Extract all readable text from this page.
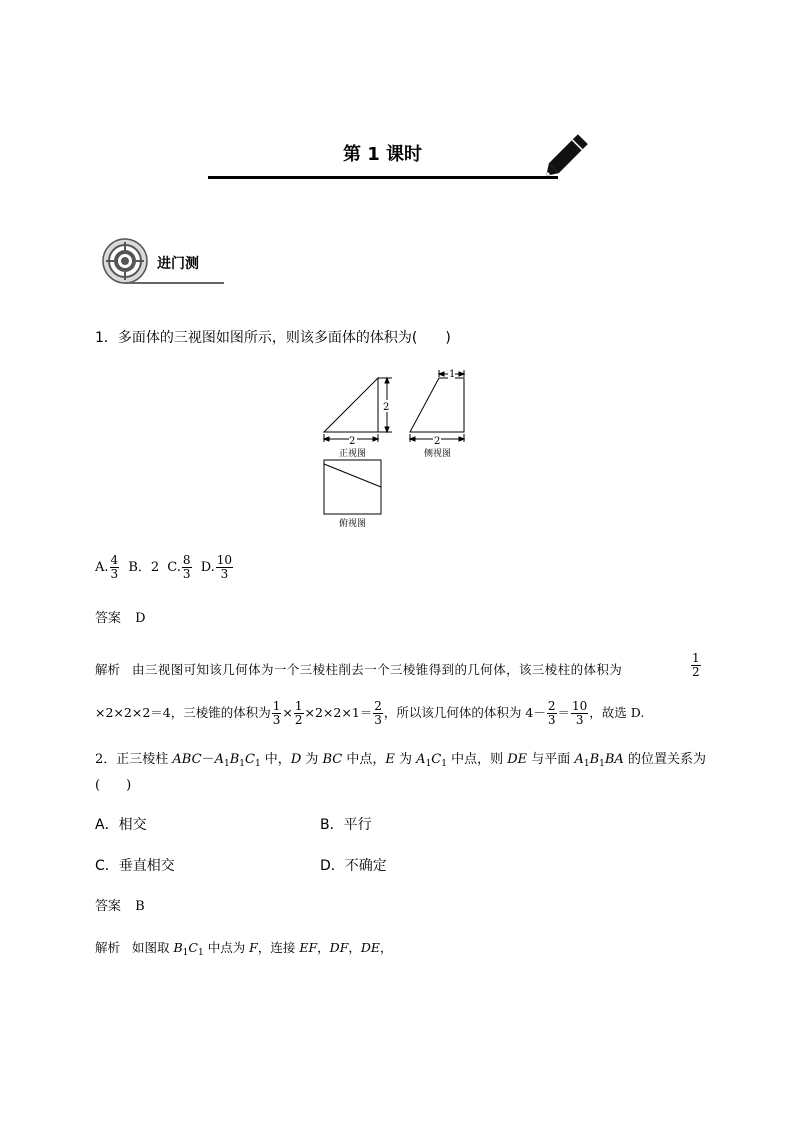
第 1 课时
进门测
1．多面体的三视图如图所示，则该多面体的体积为(　　)
2
2
正视图
1
2
侧视图
俯视图
A. $\frac{4}{3}$ B．2 C. $\frac{8}{3} D$. $\frac{10}{3}$
答案 D
解析 由三视图可知该几何体为一个三棱柱削去一个三棱锥得到的几何体，该三棱柱的体积为	$\frac{1}{2}$
×2×2×2＝4，三棱锥的体积为 $\frac{1}{3} \times \frac{1}{2} \times 2\times 2\times 1= \frac{2}{3}$ ，所以该几何体的体积为 $4- \frac{2}{3} = \frac{10}{3}$ ，故选 D.
2．正三棱柱 $ABC-A_1B_1C_1$ 中，D 为 BC 中点，E 为 $A_1C_1$ 中点，则 DE 与平面 $A_1B_1BA$ 的位置关系为
(　　)
A．相交	B．平行
C．垂直相交	D．不确定
答案 B
解析 如图取 $B_1C_1$ 中点为 F，连接 EF，DF，DE，
